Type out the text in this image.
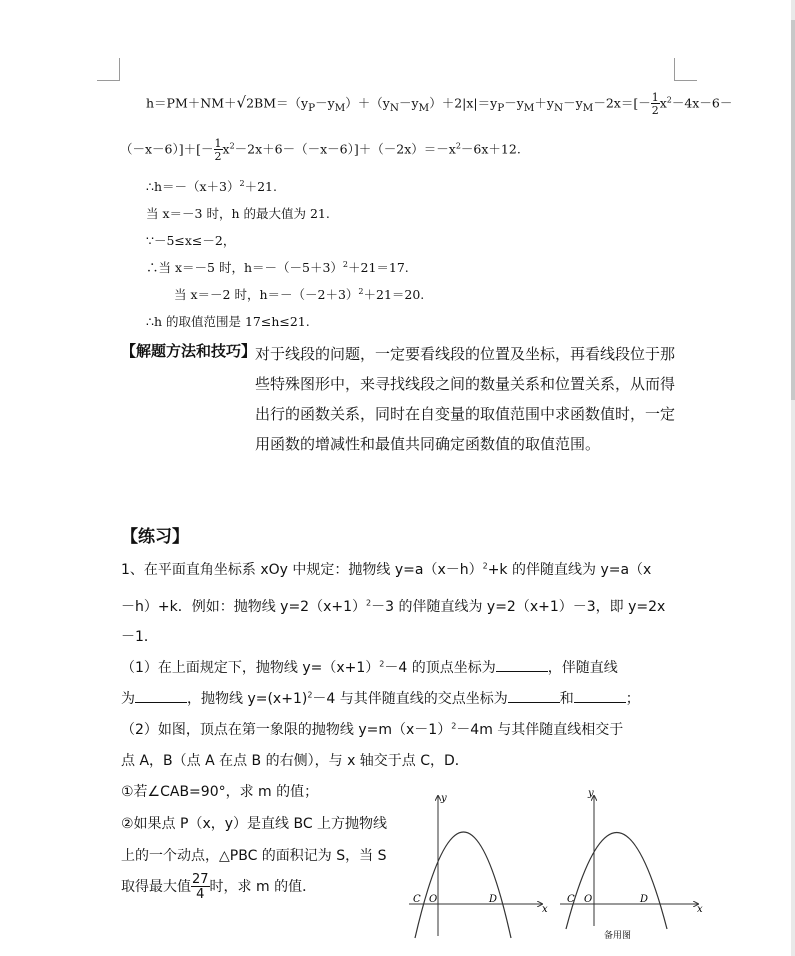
$h=PM+NM+√2BM=(y_P-y_M)+(y_N-y_M)+2|x|=y_P-y_M+y_N-y_M-2x=[- \frac{1}{2} x^2-4x-6-$
$(-x-6)]+[- \frac{1}{2} x^2-2x+6-(-x-6)]+(-2x)=-x^2-6x+12$.
$\therefore h=-(x+3)^2+21$.
当 x＝－3 时，h 的最大值为 21.
∵－5≤x≤－2，
∴当 x＝－5 时，$h=-(-5+3)^2+21=17$.
当 x＝－2 时，$h=-(-2+3)^2+21=20$.
∴h 的取值范围是 17≤h≤21.
【解题方法和技巧】
对于线段的问题，一定要看线段的位置及坐标，再看线段位于那些特殊图形中，来寻找线段之间的数量关系和位置关系，从而得出行的函数关系，同时在自变量的取值范围中求函数值时，一定用函数的增减性和最值共同确定函数值的取值范围。
【练习】
1、在平面直角坐标系 xOy 中规定：抛物线 $y=a(x-h)^2+k$ 的伴随直线为 y=a（x
－h）+k．例如：抛物线 $y=2(x+1)^2-3$ 的伴随直线为 y=2（x+1）－3，即 y=2x
－1．
（1）在上面规定下，抛物线 $y=(x+1)^2-4$ 的顶点坐标为	，伴随直线
为	，抛物线 $y=(x+1)^2-4$ 与其伴随直线的交点坐标为	和	；
（2）如图，顶点在第一象限的抛物线 $y=m(x-1)^2-4m$ 与其伴随直线相交于
点 A，B（点 A 在点 B 的右侧），与 x 轴交于点 C，D．
①若∠CAB=90°，求 m 的值；
②如果点 P（x，y）是直线 BC 上方抛物线
上的一个动点，△PBC 的面积记为 S，当 S
取得最大值 $\frac{27}{4}$ 时，求 m 的值．
y
x
C O	D
y
x
C O	D
备用图
